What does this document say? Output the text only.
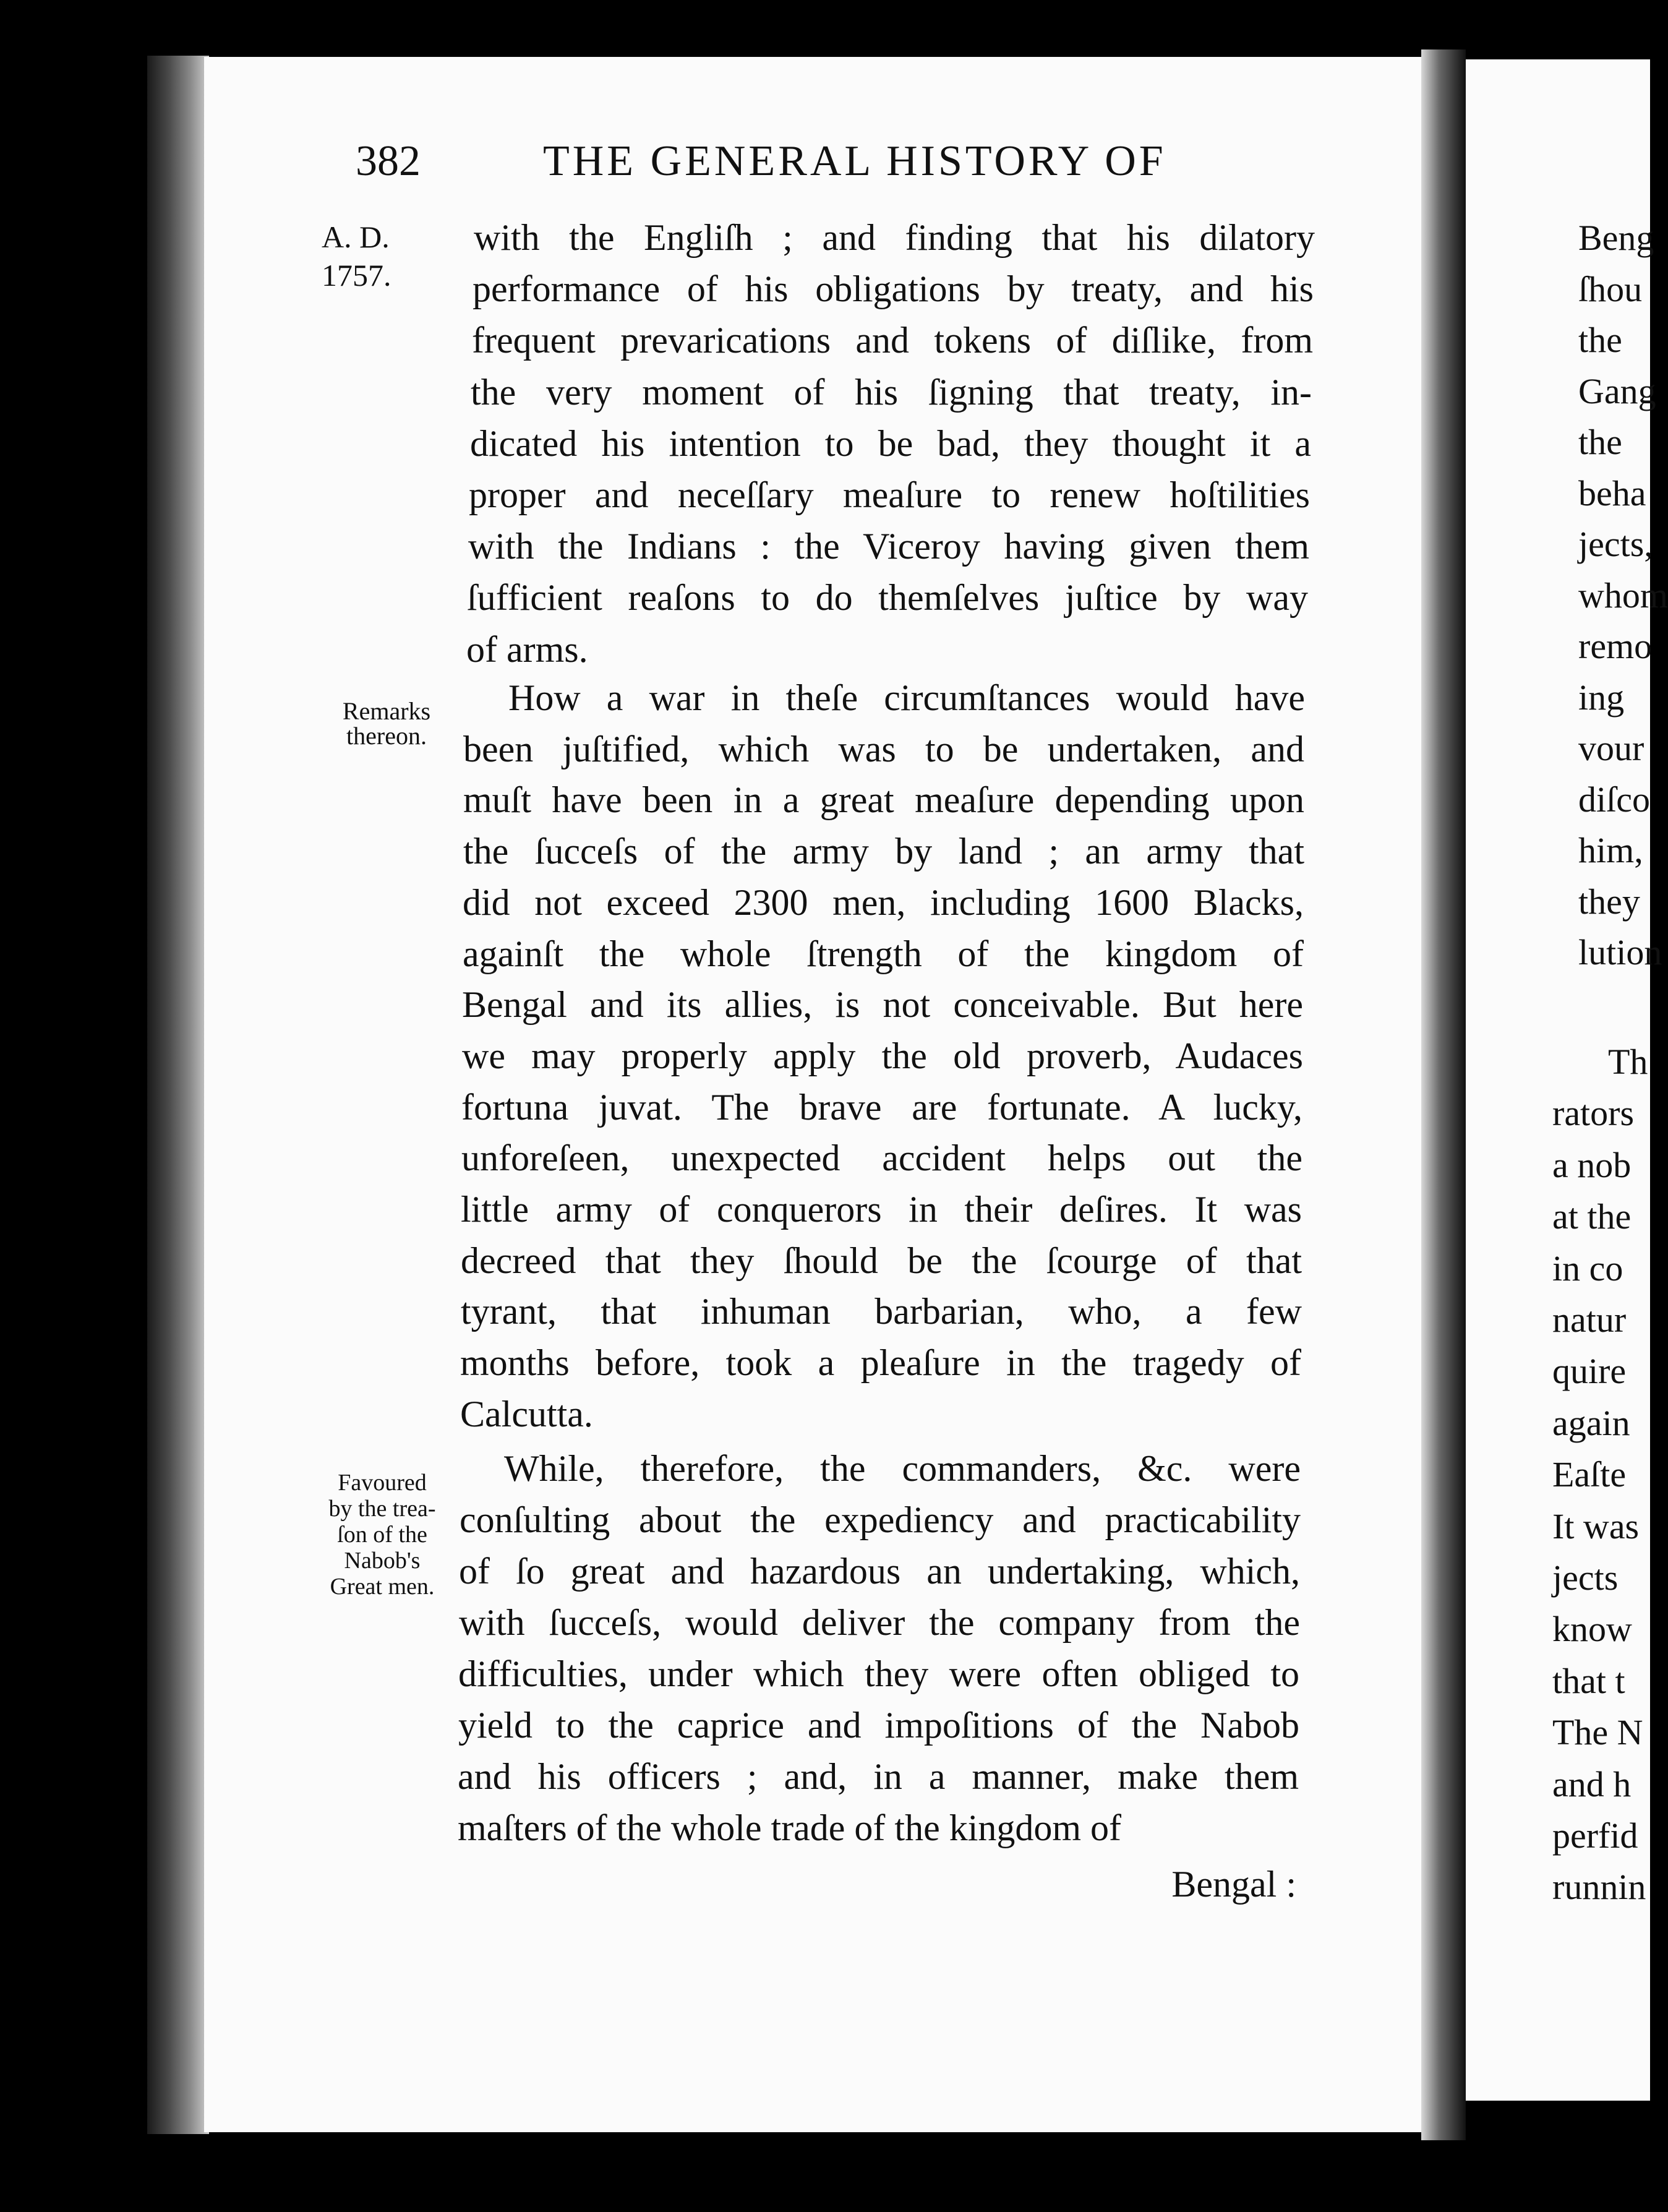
382	THE GENERAL HISTORY OF
A. D.
1757.
Remarks
thereon.
Favoured
by the trea-
ſon of the
Nabob's
Great men.
with the Engliſh ; and finding that his dilatory
performance of his obligations by treaty, and his
frequent prevarications and tokens of diſlike, from
the very moment of his ſigning that treaty, in-
dicated his intention to be bad, they thought it a
proper and neceſſary meaſure to renew hoſtilities
with the Indians : the Viceroy having given them
ſufficient reaſons to do themſelves juſtice by way
of arms.
How a war in theſe circumſtances would have
been juſtified, which was to be undertaken, and
muſt have been in a great meaſure depending upon
the ſucceſs of the army by land ; an army that
did not exceed 2300 men, including 1600 Blacks,
againſt the whole ſtrength of the kingdom of
Bengal and its allies, is not conceivable. But here
we may properly apply the old proverb, Audaces
fortuna juvat. The brave are fortunate. A lucky,
unforeſeen, unexpected accident helps out the
little army of conquerors in their deſires. It was
decreed that they ſhould be the ſcourge of that
tyrant, that inhuman barbarian, who, a few
months before, took a pleaſure in the tragedy of
Calcutta.
While, therefore, the commanders, &c. were
conſulting about the expediency and practicability
of ſo great and hazardous an undertaking, which,
with ſucceſs, would deliver the company from the
difficulties, under which they were often obliged to
yield to the caprice and impoſitions of the Nabob
and his officers ; and, in a manner, make them
maſters of the whole trade of the kingdom of
Bengal :
Beng
ſhou
the
Gang
the
beha
jects,
whom
remo
ing
vour
diſco
him,
they
lution
Th
rators
a nob
at the
in co
natur
quire
again
Eaſte
It was
jects
know
that t
The N
and h
perfid
runnin
